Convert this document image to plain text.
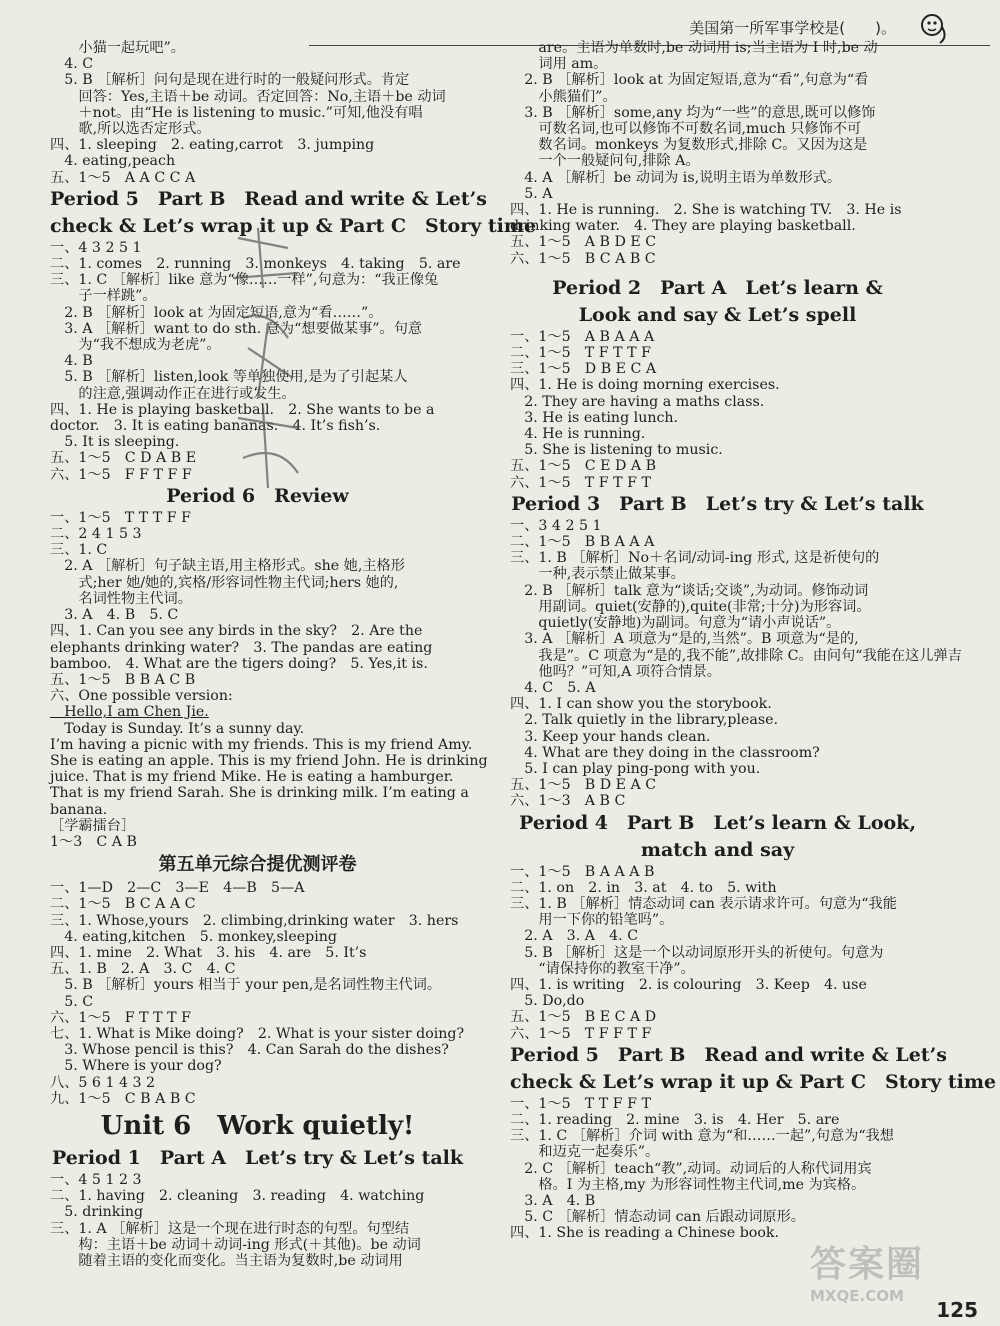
美国第一所军事学校是(　　)。

　　小猫一起玩吧”。

　4. C

　5. B ［解析］问句是现在进行时的一般疑问形式。肯定

　　回答：Yes,主语＋be 动词。否定回答：No,主语＋be 动词

　　＋not。由“He is listening to music.”可知,他没有唱

　　歌,所以选否定形式。

四、1. sleeping　2. eating,carrot　3. jumping

　4. eating,peach

五、1～5　A A C C A

Period 5　Part B　Read and write & Let’s
check & Let’s wrap it up & Part C　Story time

一、4 3 2 5 1

二、1. comes　2. running　3. monkeys　4. taking　5. are

三、1. C ［解析］like 意为“像……一样”,句意为：“我正像兔

　　子一样跳”。

　2. B ［解析］look at 为固定短语,意为“看……”。

　3. A ［解析］want to do sth. 意为“想要做某事”。句意

　　为“我不想成为老虎”。

　4. B

　5. B ［解析］listen,look 等单独使用,是为了引起某人

　　的注意,强调动作正在进行或发生。

四、1. He is playing basketball.　2. She wants to be a

doctor.　3. It is eating bananas.　4. It’s fish’s.

　5. It is sleeping.

五、1～5　C D A B E

六、1～5　F F T F F

Period 6　Review

一、1～5　T T T F F

二、2 4 1 5 3

三、1. C

　2. A ［解析］句子缺主语,用主格形式。she 她,主格形

　　式;her 她/她的,宾格/形容词性物主代词;hers 她的,

　　名词性物主代词。

　3. A　4. B　5. C

四、1. Can you see any birds in the sky?　2. Are the

elephants drinking water?　3. The pandas are eating

bamboo.　4. What are the tigers doing?　5. Yes,it is.

五、1～5　B B A C B

六、One possible version:

　Hello,I am Chen Jie.

　Today is Sunday. It’s a sunny day.

I’m having a picnic with my friends. This is my friend Amy.

She is eating an apple. This is my friend John. He is drinking

juice. That is my friend Mike. He is eating a hamburger.

That is my friend Sarah. She is drinking milk. I’m eating a

banana.

［学霸擂台］

1～3　C A B

第五单元综合提优测评卷

一、1—D　2—C　3—E　4—B　5—A

二、1～5　B C A A C

三、1. Whose,yours　2. climbing,drinking water　3. hers

　4. eating,kitchen　5. monkey,sleeping

四、1. mine　2. What　3. his　4. are　5. It’s

五、1. B　2. A　3. C　4. C

　5. B ［解析］yours 相当于 your pen,是名词性物主代词。

　5. C

六、1～5　F T T T F

七、1. What is Mike doing?　2. What is your sister doing?

　3. Whose pencil is this?　4. Can Sarah do the dishes?

　5. Where is your dog?

八、5 6 1 4 3 2

九、1～5　C B A B C

Unit 6　Work quietly!
Period 1　Part A　Let’s try & Let’s talk

一、4 5 1 2 3

二、1. having　2. cleaning　3. reading　4. watching

　5. drinking

三、1. A ［解析］这是一个现在进行时态的句型。句型结

　　构：主语＋be 动词＋动词-ing 形式(＋其他)。be 动词

　　随着主语的变化而变化。当主语为复数时,be 动词用

　　are。主语为单数时,be 动词用 is;当主语为 I 时,be 动

　　词用 am。

　2. B ［解析］look at 为固定短语,意为“看”,句意为“看

　　小熊猫们”。

　3. B ［解析］some,any 均为“一些”的意思,既可以修饰

　　可数名词,也可以修饰不可数名词,much 只修饰不可

　　数名词。monkeys 为复数形式,排除 C。又因为这是

　　一个一般疑问句,排除 A。

　4. A ［解析］be 动词为 is,说明主语为单数形式。

　5. A

四、1. He is running.　2. She is watching TV.　3. He is

drinking water.　4. They are playing basketball.

五、1～5　A B D E C

六、1～5　B C A B C

Period 2　Part A　Let’s learn &
Look and say & Let’s spell

一、1～5　A B A A A

二、1～5　T F T T F

三、1～5　D B E C A

四、1. He is doing morning exercises.

　2. They are having a maths class.

　3. He is eating lunch.

　4. He is running.

　5. She is listening to music.

五、1～5　C E D A B

六、1～5　T F T F T

Period 3　Part B　Let’s try & Let’s talk

一、3 4 2 5 1

二、1～5　B B A A A

三、1. B ［解析］No＋名词/动词-ing 形式, 这是祈使句的

　　一种,表示禁止做某事。

　2. B ［解析］talk 意为“谈话;交谈”,为动词。修饰动词

　　用副词。quiet(安静的),quite(非常;十分)为形容词。

　　quietly(安静地)为副词。句意为“请小声说话”。

　3. A ［解析］A 项意为“是的,当然”。B 项意为“是的,

　　我是”。C 项意为“是的,我不能”,故排除 C。由问句“我能在这儿弹吉

　　他吗？”可知,A 项符合情景。

　4. C　5. A

四、1. I can show you the storybook.

　2. Talk quietly in the library,please.

　3. Keep your hands clean.

　4. What are they doing in the classroom?

　5. I can play ping-pong with you.

五、1～5　B D E A C

六、1～3　A B C

Period 4　Part B　Let’s learn & Look,
match and say

一、1～5　B A A A B

二、1. on　2. in　3. at　4. to　5. with

三、1. B ［解析］情态动词 can 表示请求许可。句意为“我能

　　用一下你的铅笔吗”。

　2. A　3. A　4. C

　5. B ［解析］这是一个以动词原形开头的祈使句。句意为

　　“请保持你的教室干净”。

四、1. is writing　2. is colouring　3. Keep　4. use

　5. Do,do

五、1～5　B E C A D

六、1～5　T F F T F

Period 5　Part B　Read and write & Let’s
check & Let’s wrap it up & Part C　Story time

一、1～5　T T F F T

二、1. reading　2. mine　3. is　4. Her　5. are

三、1. C ［解析］介词 with 意为“和……一起”,句意为“我想

　　和迈克一起奏乐”。

　2. C ［解析］teach“教”,动词。动词后的人称代词用宾

　　格。I 为主格,my 为形容词性物主代词,me 为宾格。

　3. A　4. B

　5. C ［解析］情态动词 can 后跟动词原形。

四、1. She is reading a Chinese book.

答案圈
MXQE.COM
125
